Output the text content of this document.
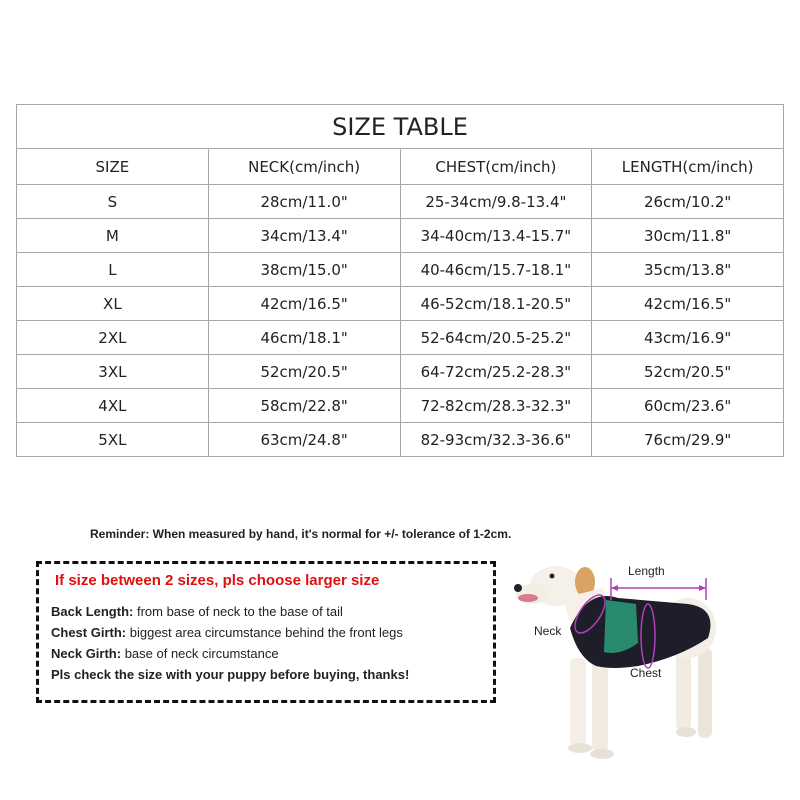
SIZE TABLE			
SIZE	NECK(cm/inch)	CHEST(cm/inch)	LENGTH(cm/inch)
S	28cm/11.0"	25-34cm/9.8-13.4"	26cm/10.2"
M	34cm/13.4"	34-40cm/13.4-15.7"	30cm/11.8"
L	38cm/15.0"	40-46cm/15.7-18.1"	35cm/13.8"
XL	42cm/16.5"	46-52cm/18.1-20.5"	42cm/16.5"
2XL	46cm/18.1"	52-64cm/20.5-25.2"	43cm/16.9"
3XL	52cm/20.5"	64-72cm/25.2-28.3"	52cm/20.5"
4XL	58cm/22.8"	72-82cm/28.3-32.3"	60cm/23.6"
5XL	63cm/24.8"	82-93cm/32.3-36.6"	76cm/29.9"
Reminder: When measured by hand, it's normal for +/- tolerance of 1-2cm.
If size between 2 sizes, pls choose larger size
Back Length: from base of neck to the base of tail
Chest Girth: biggest area circumstance behind the front legs
Neck Girth: base of neck circumstance
Pls check the size with your puppy before buying, thanks!
Length
Neck
Chest
